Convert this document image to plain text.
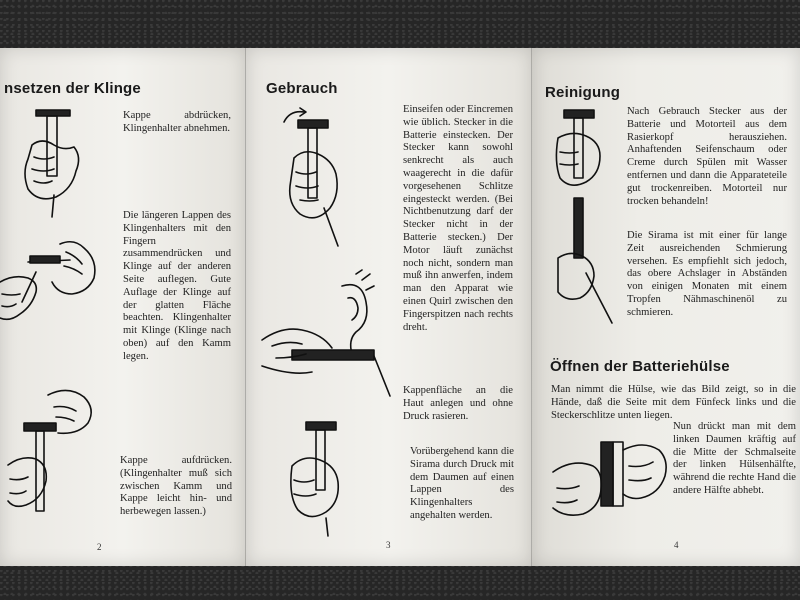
nsetzen der Klinge
Kappe abdrücken, Klingenhalter abnehmen.
Die längeren Lappen des Klingenhalters mit den Fingern zusammendrücken und Klinge auf der anderen Seite auflegen. Gute Auflage der Klinge auf der glatten Fläche beachten. Klingenhalter mit Klinge (Klinge nach oben) auf den Kamm legen.
Kappe aufdrücken. (Klingenhalter muß sich zwischen Kamm und Kappe leicht hin- und herbewegen lassen.)
2
Gebrauch
Einseifen oder Eincremen wie üblich. Stecker in die Batterie einstecken. Der Stecker kann sowohl senkrecht als auch waagerecht in die dafür vorgesehenen Schlitze eingesteckt werden. (Bei Nichtbenutzung darf der Stecker nicht in der Batterie stecken.) Der Motor läuft zunächst noch nicht, sondern man muß ihn anwerfen, indem man den Apparat wie einen Quirl zwischen den Fingerspitzen nach rechts dreht.
Kappenfläche an die Haut anlegen und ohne Druck rasieren.
Vorübergehend kann die Sirama durch Druck mit dem Daumen auf einen Lappen des Klingenhalters angehalten werden.
3
Reinigung
Nach Gebrauch Stecker aus der Batterie und Motorteil aus dem Rasierkopf herausziehen. Anhaftenden Seifenschaum oder Creme durch Spülen mit Wasser entfernen und dann die Apparateteile gut trockenreiben. Motorteil nur trocken behandeln!
Die Sirama ist mit einer für lange Zeit ausreichenden Schmierung versehen. Es empfiehlt sich jedoch, das obere Achslager in Abständen von einigen Monaten mit einem Tropfen Nähmaschinenöl zu schmieren.
Öffnen der Batteriehülse
Man nimmt die Hülse, wie das Bild zeigt, so in die Hände, daß die Seite mit dem Fünfeck links und die Steckerschlitze unten liegen.
Nun drückt man mit dem linken Daumen kräftig auf die Mitte der Schmalseite der linken Hülsenhälfte, während die rechte Hand die andere Hälfte abhebt.
4
